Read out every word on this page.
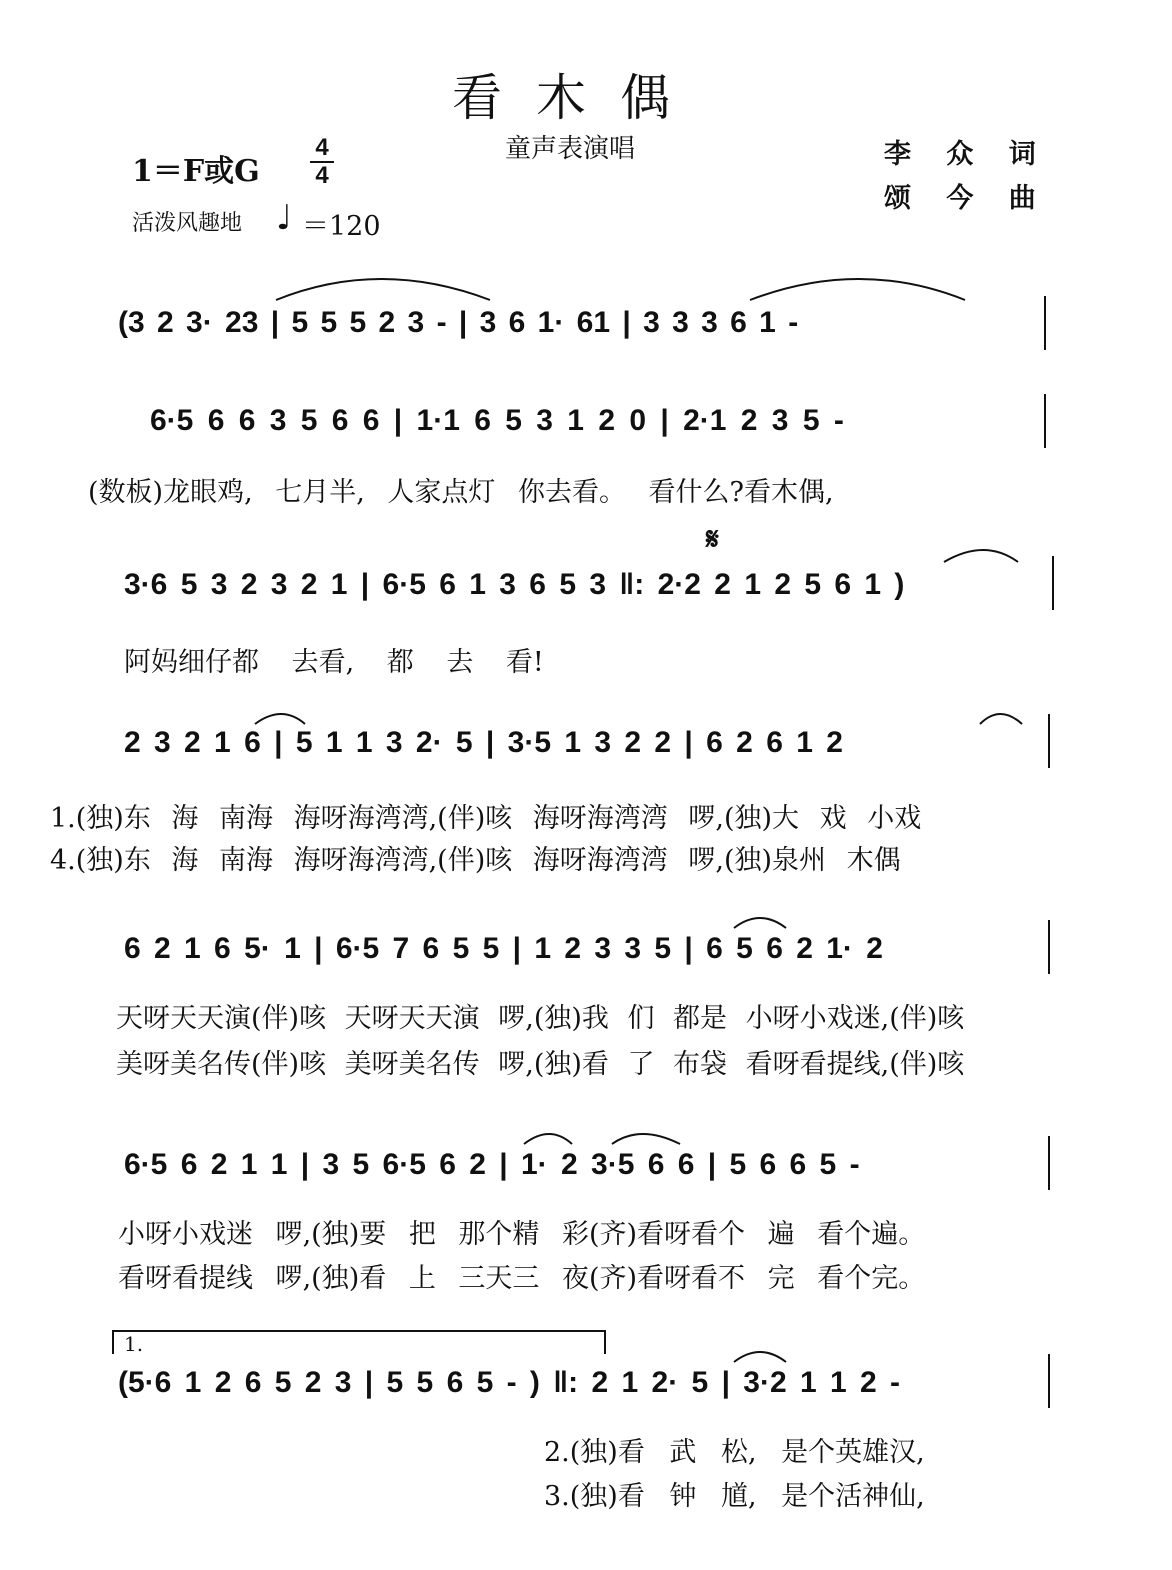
看木偶
童声表演唱
1＝F或G
4
4
活泼风趣地 ♩ ＝120
李 众 词
颂 今 曲
(3 2 3· 23 | 5 5 5 2 3 - | 3 6 1· 61 | 3 3 3 6 1 -
6·5 6 6 3 5 6 6 | 1·1 6 5 3 1 2 0 | 2·1 2 3 5 -
(数板)龙眼鸡, 七月半, 人家点灯 你去看。 看什么?看木偶,
3·6 5 3 2 3 2 1 | 6·5 6 1 3 6 5 3 ‖: 2·2 2 1 2 5 6 1 )
𝄋
阿妈细仔都 去看, 都 去 看!
2 3 2 1 6 | 5 1 1 3 2· 5 | 3·5 1 3 2 2 | 6 2 6 1 2
1.(独)东 海 南海 海呀海湾湾,(伴)咳 海呀海湾湾 啰,(独)大 戏 小戏
4.(独)东 海 南海 海呀海湾湾,(伴)咳 海呀海湾湾 啰,(独)泉州 木偶
6 2 1 6 5· 1 | 6·5 7 6 5 5 | 1 2 3 3 5 | 6 5 6 2 1· 2
天呀天天演(伴)咳 天呀天天演 啰,(独)我 们 都是 小呀小戏迷,(伴)咳
美呀美名传(伴)咳 美呀美名传 啰,(独)看 了 布袋 看呀看提线,(伴)咳
6·5 6 2 1 1 | 3 5 6·5 6 2 | 1· 2 3·5 6 6 | 5 6 6 5 -
小呀小戏迷 啰,(独)要 把 那个精 彩(齐)看呀看个 遍 看个遍。
看呀看提线 啰,(独)看 上 三天三 夜(齐)看呀看不 完 看个完。
1.
(5·6 1 2 6 5 2 3 | 5 5 6 5 - ) ‖: 2 1 2· 5 | 3·2 1 1 2 -
2.(独)看 武 松, 是个英雄汉,
3.(独)看 钟 馗, 是个活神仙,
